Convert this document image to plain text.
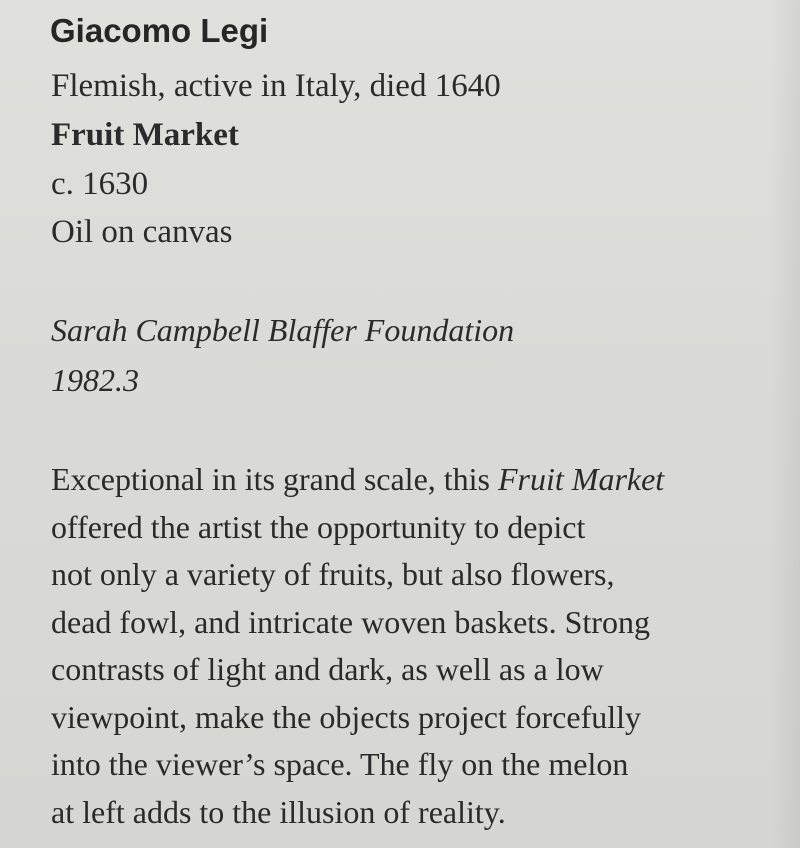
Giacomo Legi
Flemish, active in Italy, died 1640
Fruit Market
c. 1630
Oil on canvas
Sarah Campbell Blaffer Foundation
1982.3
Exceptional in its grand scale, this Fruit Market
offered the artist the opportunity to depict
not only a variety of fruits, but also flowers,
dead fowl, and intricate woven baskets. Strong
contrasts of light and dark, as well as a low
viewpoint, make the objects project forcefully
into the viewer’s space. The fly on the melon
at left adds to the illusion of reality.
